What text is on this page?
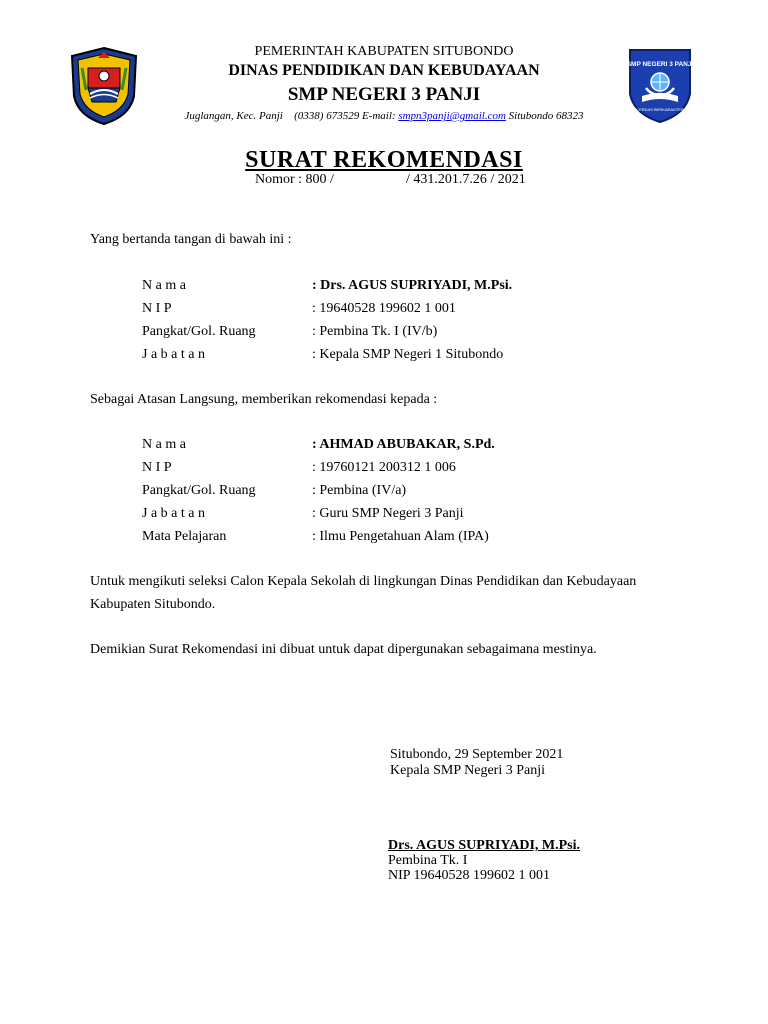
SMP NEGERI 3 PANJI
CERDAS BERKARAKTER
PEMERINTAH KABUPATEN SITUBONDO
DINAS PENDIDIKAN DAN KEBUDAYAAN
SMP NEGERI 3 PANJI
Juglangan, Kec. Panji  (0338) 673529 E-mail: smpn3panji@gmail.com Situbondo 68323
SURAT REKOMENDASI
Nomor : 800 /	/ 431.201.7.26 / 2021
Yang bertanda tangan di bawah ini :
N a m a	: Drs. AGUS SUPRIYADI, M.Psi.
N I P	: 19640528 199602 1 001
Pangkat/Gol. Ruang	: Pembina Tk. I (IV/b)
J a b a t a n	: Kepala SMP Negeri 1 Situbondo
Sebagai Atasan Langsung, memberikan rekomendasi kepada :
N a m a	: AHMAD ABUBAKAR, S.Pd.
N I P	: 19760121 200312 1 006
Pangkat/Gol. Ruang	: Pembina (IV/a)
J a b a t a n	: Guru SMP Negeri 3 Panji
Mata Pelajaran	: Ilmu Pengetahuan Alam (IPA)
Untuk mengikuti seleksi Calon Kepala Sekolah di lingkungan Dinas Pendidikan dan Kebudayaan
Kabupaten Situbondo.
Demikian Surat Rekomendasi ini dibuat untuk dapat dipergunakan sebagaimana mestinya.
Situbondo, 29 September 2021
Kepala SMP Negeri 3 Panji
Drs. AGUS SUPRIYADI, M.Psi.
Pembina Tk. I
NIP 19640528 199602 1 001
